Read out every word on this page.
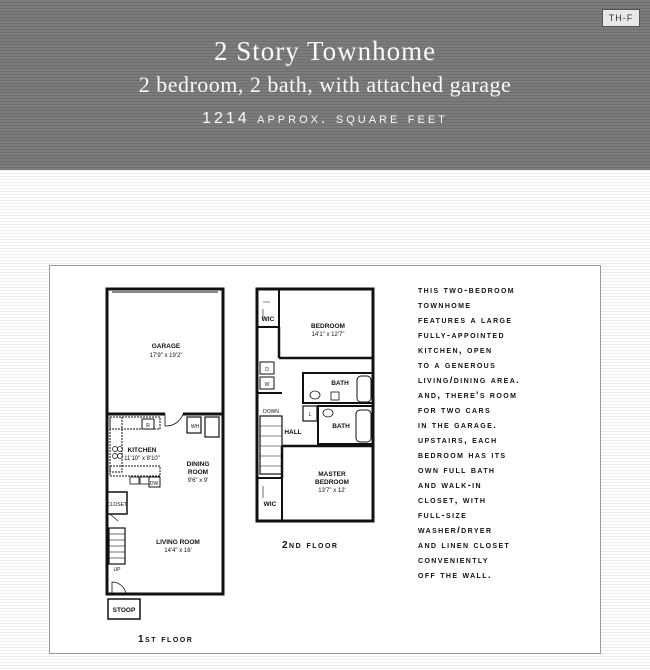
TH-F
2 Story Townhome
2 bedroom, 2 bath, with attached garage
1214 approx. square feet
GARAGE
17'9" x 19'2"
WH
R
KITCHEN
11'10" x 8'10"
DW
DINING
ROOM
9'6" x 9'
CLOSET
LIVING ROOM
14'4" x 16'
UP
STOOP
WIC
BEDROOM
14'1" x 12'7"
D
W	BATH
DOWN	L
BATH
HALL
MASTER
BEDROOM
13'7" x 12'
WIC
1st floor
2nd floor
this two-bedroom
townhome
features a large
fully-appointed
kitchen, open
to a generous
living/dining area.
and, there's room
for two cars
in the garage.
upstairs, each
bedroom has its
own full bath
and walk-in
closet, with
full-size
washer/dryer
and linen closet
conveniently
off the wall.
